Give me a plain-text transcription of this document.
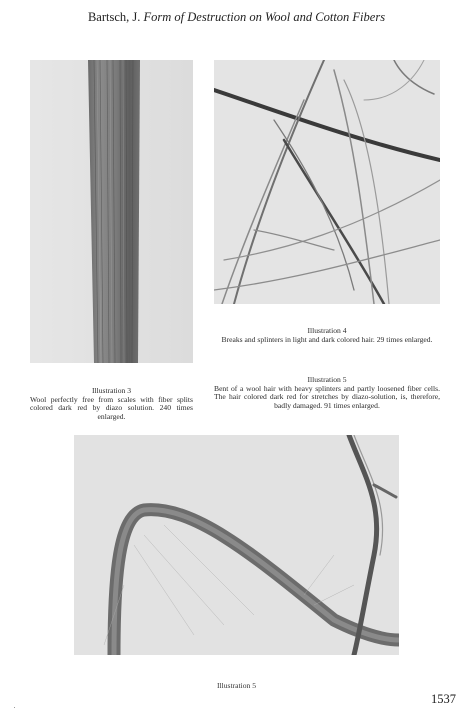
Bartsch, J. Form of Destruction on Wool and Cotton Fibers
Illustration 4
Breaks and splinters in light and dark colored hair. 29 times enlarged.
Illustration 3
Wool perfectly free from scales with fiber splits colored dark red by diazo solution. 240 times enlarged.
Illustration 5
Bent of a wool hair with heavy splinters and partly loosened fiber cells. The hair colored dark red for stretches by diazo-solution, is, therefore, badly damaged. 91 times enlarged.
Illustration 5
1537
